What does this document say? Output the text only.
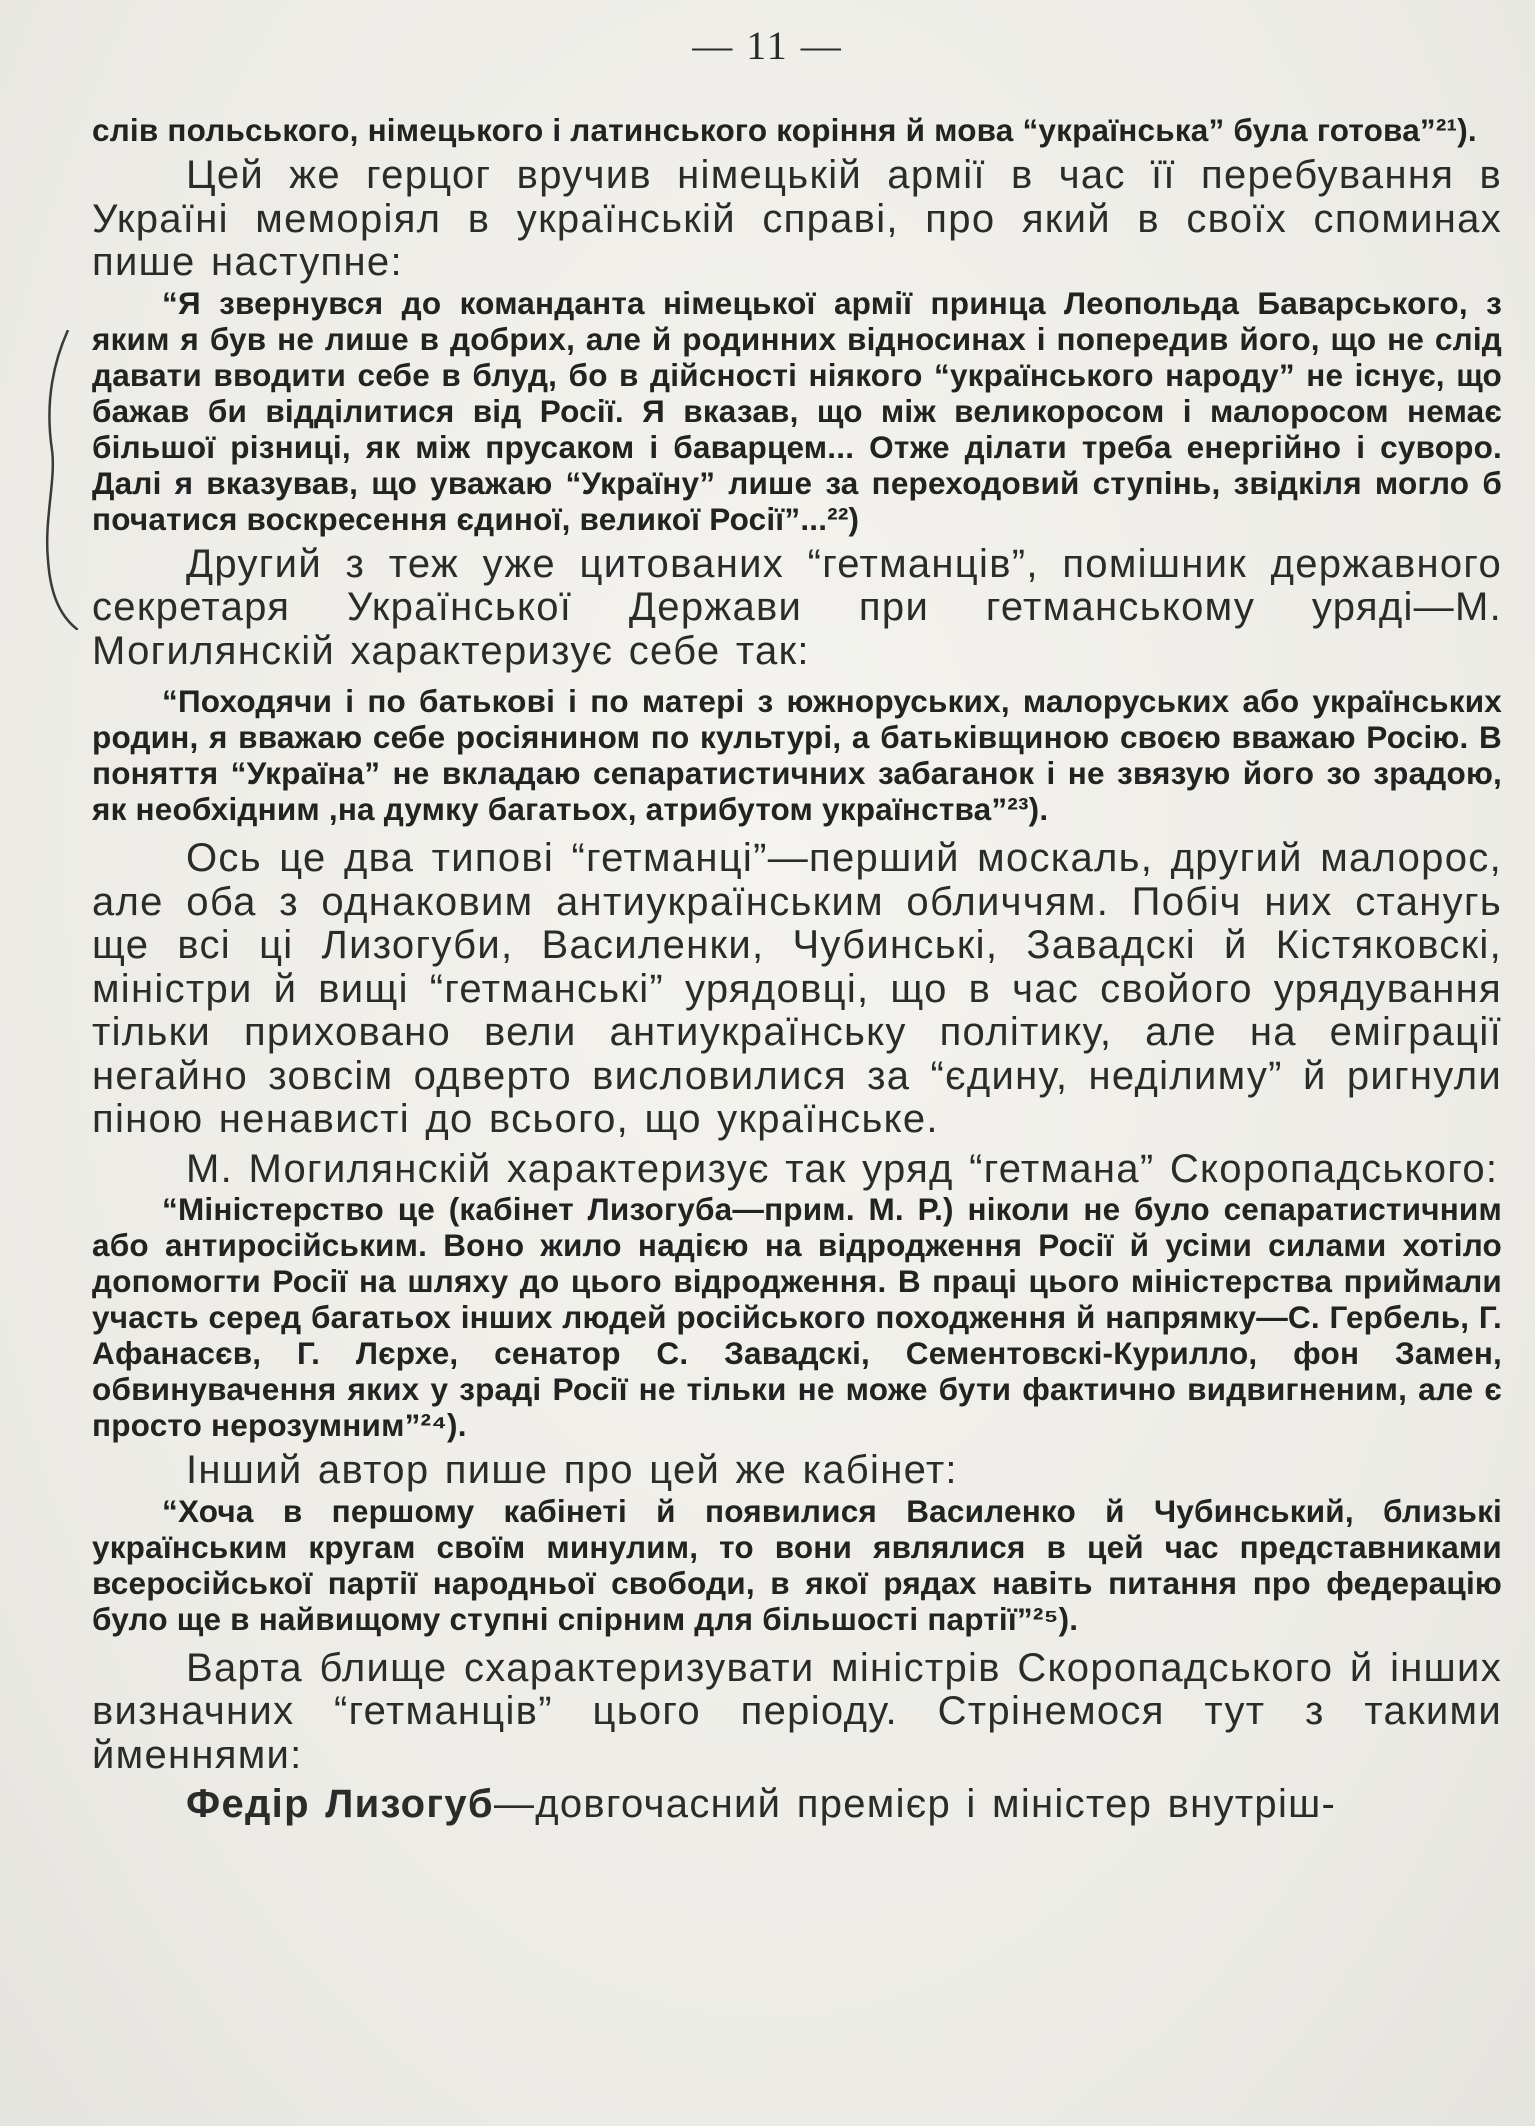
— 11 —

слів польського, німецького і латинського коріння й мова “українська” була готова”²¹).

Цей же герцог вручив німецькій армії в час її перебування в Україні меморіял в українській справі, про який в своїх споминах пише наступне:

“Я звернувся до команданта німецької армії принца Леопольда Баварського, з яким я був не лише в добрих, але й родинних відносинах і попередив його, що не слід давати вводити себе в блуд, бо в дійсності ніякого “українського народу” не існує, що бажав би відділитися від Росії. Я вказав, що між великоросом і малоросом немає більшої різниці, як між прусаком і баварцем... Отже ділати треба енергійно і суворо. Далі я вказував, що уважаю “Україну” лише за переходовий ступінь, звідкіля могло б початися воскресення єдиної, великої Росії”...²²)

Другий з теж уже цитованих “гетманців”, помішник державного секретаря Української Держави при гетманському уряді—М. Могилянскій характеризує себе так:

“Походячи і по батькові і по матері з южноруських, малоруських або українських родин, я вважаю себе росіянином по культурі, а батьківщиною своєю вважаю Росію. В поняття “Україна” не вкладаю сепаратистичних забаганок і не звязую його зо зрадою, як необхідним ,на думку багатьох, атрибутом українства”²³).

Ось це два типові “гетманці”—перший москаль, другий малорос, але оба з однаковим антиукраїнським обличчям. Побіч них станугь ще всі ці Лизогуби, Василенки, Чубинські, Завадскі й Кістяковскі, міністри й вищі “гетманські” урядовці, що в час свойого урядування тільки приховано вели антиукраїнську політику, але на еміграції негайно зовсім одверто висловилися за “єдину, неділиму” й ригнули піною ненависті до всього, що українське.

М. Могилянскій характеризує так уряд “гетмана” Скоропадського:

“Міністерство це (кабінет Лизогуба—прим. М. Р.) ніколи не було сепаратистичним або антиросійським. Воно жило надією на відродження Росії й усіми силами хотіло допомогти Росії на шляху до цього відродження. В праці цього міністерства приймали участь серед багатьох інших людей російського походження й напрямку—С. Гербель, Г. Афанасєв, Г. Лєрхе, сенатор С. Завадскі, Сементовскі-Курилло, фон Замен, обвинувачення яких у зраді Росії не тільки не може бути фактично видвигненим, але є просто нерозумним”²⁴).

Інший автор пише про цей же кабінет:

“Хоча в першому кабінеті й появилися Василенко й Чубинський, близькі українським кругам своїм минулим, то вони являлися в цей час представниками всеросійської партії народньої свободи, в якої рядах навіть питання про федерацію було ще в найвищому ступні спірним для більшості партії”²⁵).

Варта блище схарактеризувати міністрів Скоропадського й інших визначних “гетманців” цього періоду. Стрінемося тут з такими йменнями:

Федір Лизогуб—довгочасний премієр і міністер внутріш-
